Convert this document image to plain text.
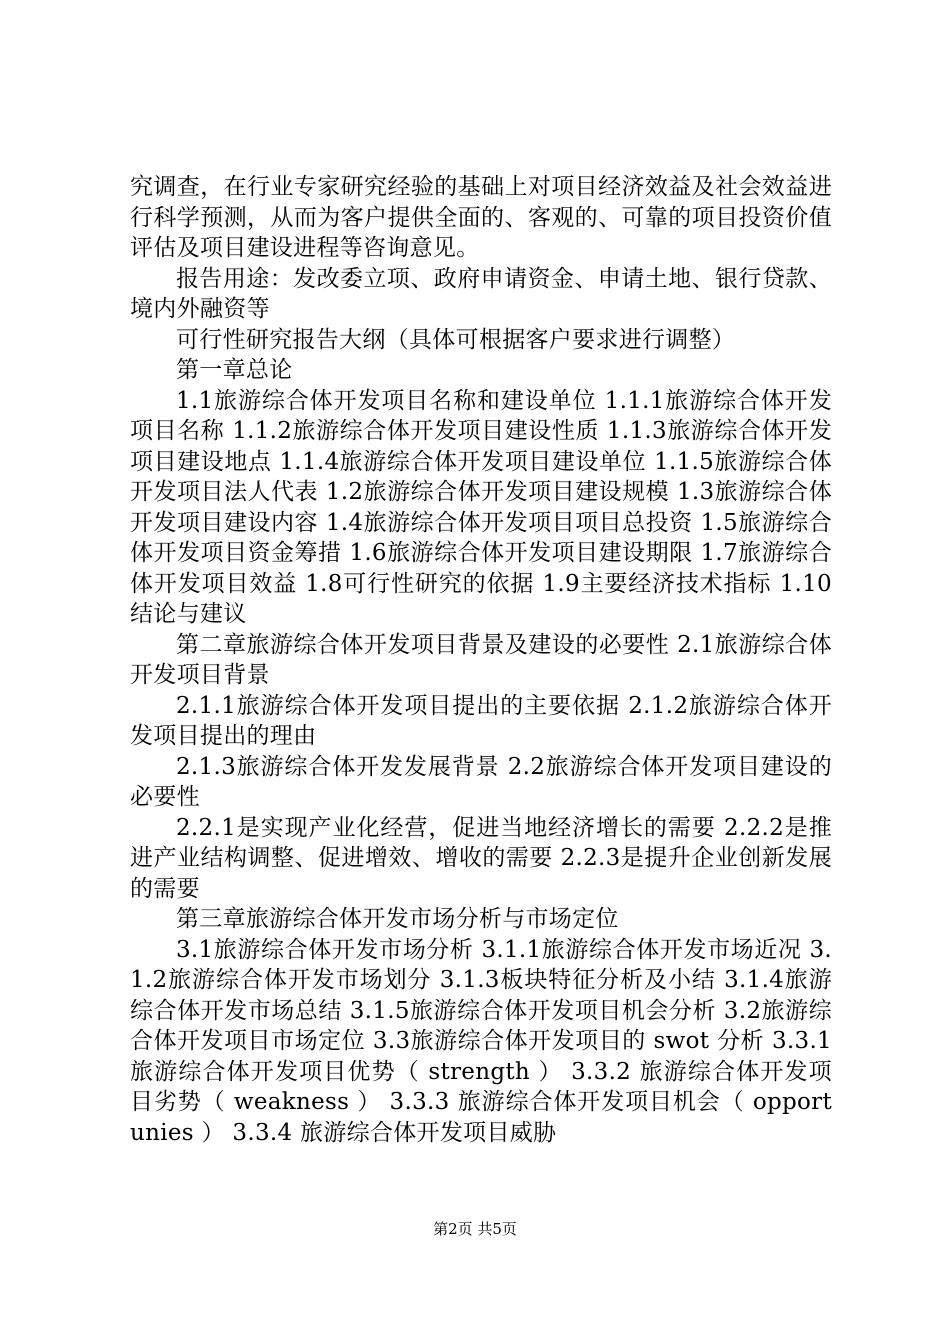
究调查，在行业专家研究经验的基础上对项目经济效益及社会效益进行科学预测，从而为客户提供全面的、客观的、可靠的项目投资价值评估及项目建设进程等咨询意见。

报告用途：发改委立项、政府申请资金、申请土地、银行贷款、境内外融资等

可行性研究报告大纲（具体可根据客户要求进行调整）

第一章总论

1.1旅游综合体开发项目名称和建设单位 1.1.1旅游综合体开发项目名称 1.1.2旅游综合体开发项目建设性质 1.1.3旅游综合体开发项目建设地点 1.1.4旅游综合体开发项目建设单位 1.1.5旅游综合体开发项目法人代表 1.2旅游综合体开发项目建设规模 1.3旅游综合体开发项目建设内容 1.4旅游综合体开发项目项目总投资 1.5旅游综合体开发项目资金筹措 1.6旅游综合体开发项目建设期限 1.7旅游综合体开发项目效益 1.8可行性研究的依据 1.9主要经济技术指标 1.10结论与建议

第二章旅游综合体开发项目背景及建设的必要性 2.1旅游综合体开发项目背景

2.1.1旅游综合体开发项目提出的主要依据 2.1.2旅游综合体开发项目提出的理由

2.1.3旅游综合体开发发展背景 2.2旅游综合体开发项目建设的必要性

2.2.1是实现产业化经营，促进当地经济增长的需要 2.2.2是推进产业结构调整、促进增效、增收的需要 2.2.3是提升企业创新发展的需要

第三章旅游综合体开发市场分析与市场定位

3.1旅游综合体开发市场分析 3.1.1旅游综合体开发市场近况 3.1.2旅游综合体开发市场划分 3.1.3板块特征分析及小结 3.1.4旅游综合体开发市场总结 3.1.5旅游综合体开发项目机会分析 3.2旅游综合体开发项目市场定位 3.3旅游综合体开发项目的 swot 分析 3.3.1 旅游综合体开发项目优势（ strength ） 3.3.2 旅游综合体开发项目劣势（ weakness ） 3.3.3 旅游综合体开发项目机会（ opportunies ） 3.3.4 旅游综合体开发项目威胁

第2页 共5页
